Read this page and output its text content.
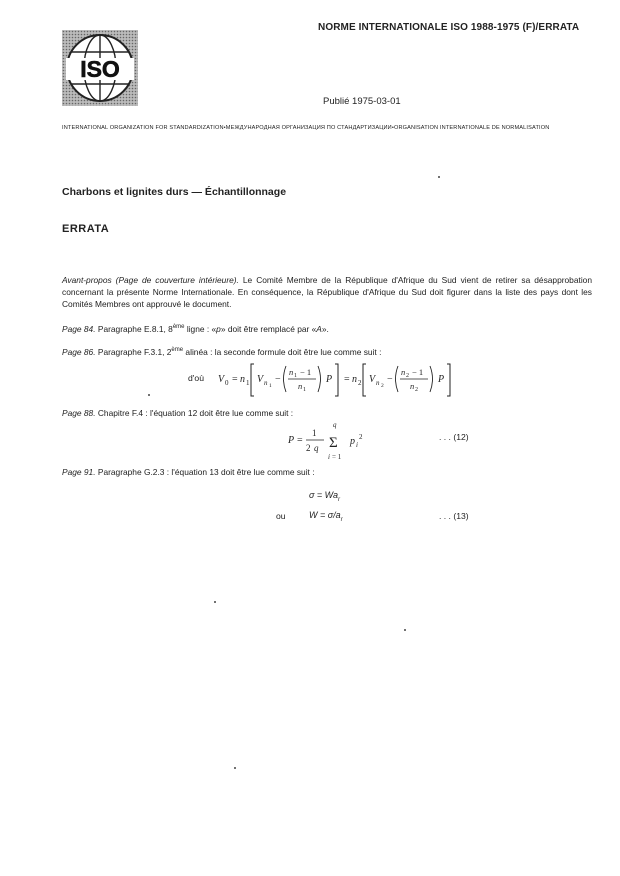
ISO
NORME INTERNATIONALE ISO 1988-1975 (F)/ERRATA
Publié 1975-03-01
INTERNATIONAL ORGANIZATION FOR STANDARDIZATION•МЕЖДУНАРОДНАЯ ОРГАНИЗАЦИЯ ПО СТАНДАРТИЗАЦИИ•ORGANISATION INTERNATIONALE DE NORMALISATION
Charbons et lignites durs — Échantillonnage
ERRATA
Avant-propos (Page de couverture intérieure). Le Comité Membre de la République d'Afrique du Sud vient de retirer sa désapprobation concernant la présente Norme Internationale. En conséquence, la République d'Afrique du Sud doit figurer dans la liste des pays dont les Comités Membres ont approuvé le document.
Page 84. Paragraphe E.8.1, 8ème ligne : «p» doit être remplacé par «A».
Page 86. Paragraphe F.3.1, 2ème alinéa : la seconde formule doit être lue comme suit :
d'où V 0 = n 1 V n 1
−
n 1 − 1
n 1
P = n 2 V n 2
−
n 2 − 1
n 2
P
Page 88. Chapitre F.4 : l'équation 12 doit être lue comme suit :
P =
1
2 q
q
Σ
i = 1
p i
2	. . . (12)
Page 91. Paragraphe G.2.3 : l'équation 13 doit être lue comme suit :
$\sigma = Wa_r$
ou	$W = \sigma/a_r$	. . . (13)
